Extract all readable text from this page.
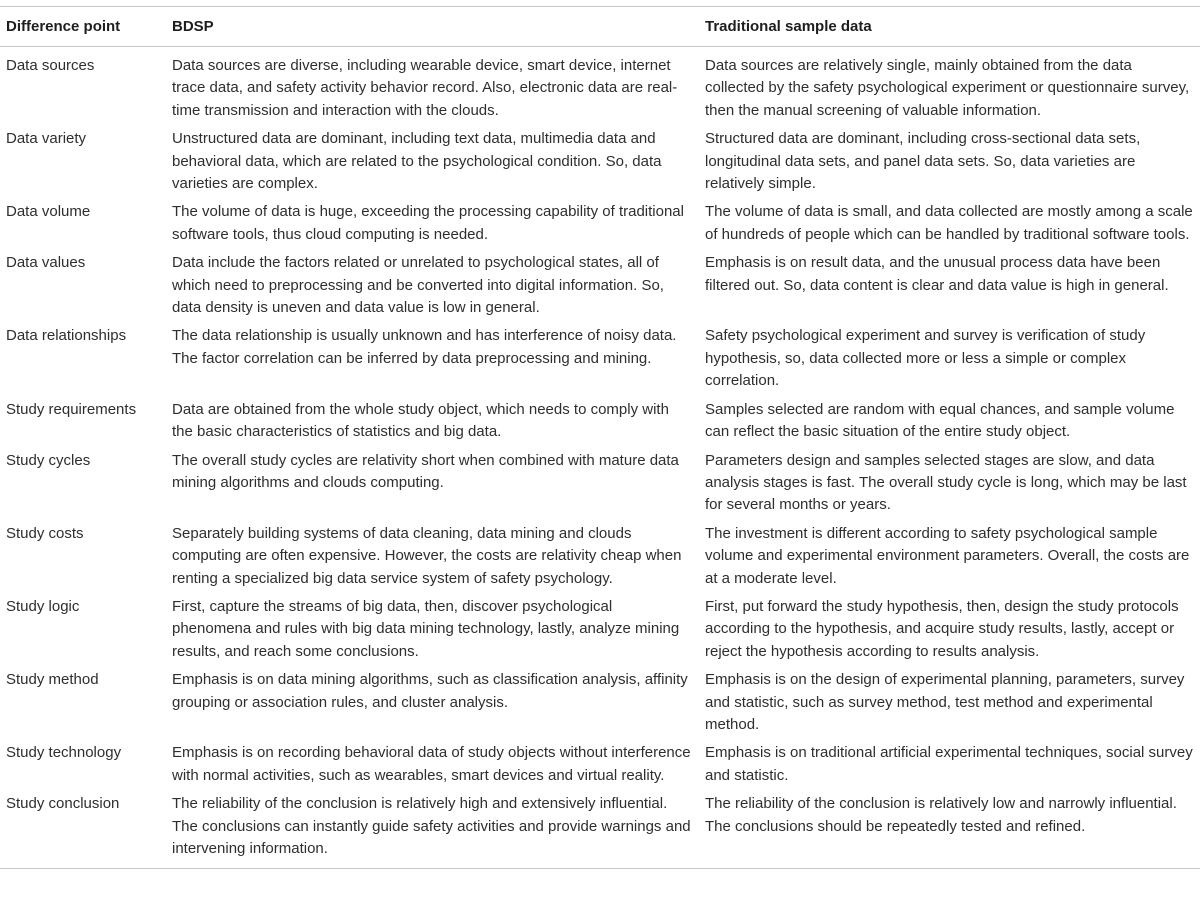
Difference point	BDSP	Traditional sample data
Data sources	Data sources are diverse, including wearable device, smart device, internet trace data, and safety activity behavior record. Also, electronic data are real-time transmission and interaction with the clouds.	Data sources are relatively single, mainly obtained from the data collected by the safety psychological experiment or questionnaire survey, then the manual screening of valuable information.
Data variety	Unstructured data are dominant, including text data, multimedia data and behavioral data, which are related to the psychological condition. So, data varieties are complex.	Structured data are dominant, including cross-sectional data sets, longitudinal data sets, and panel data sets. So, data varieties are relatively simple.
Data volume	The volume of data is huge, exceeding the processing capability of traditional software tools, thus cloud computing is needed.	The volume of data is small, and data collected are mostly among a scale of hundreds of people which can be handled by traditional software tools.
Data values	Data include the factors related or unrelated to psychological states, all of which need to preprocessing and be converted into digital information. So, data density is uneven and data value is low in general.	Emphasis is on result data, and the unusual process data have been filtered out. So, data content is clear and data value is high in general.
Data relationships	The data relationship is usually unknown and has interference of noisy data. The factor correlation can be inferred by data preprocessing and mining.	Safety psychological experiment and survey is verification of study hypothesis, so, data collected more or less a simple or complex correlation.
Study requirements	Data are obtained from the whole study object, which needs to comply with the basic characteristics of statistics and big data.	Samples selected are random with equal chances, and sample volume can reflect the basic situation of the entire study object.
Study cycles	The overall study cycles are relativity short when combined with mature data mining algorithms and clouds computing.	Parameters design and samples selected stages are slow, and data analysis stages is fast. The overall study cycle is long, which may be last for several months or years.
Study costs	Separately building systems of data cleaning, data mining and clouds computing are often expensive. However, the costs are relativity cheap when renting a specialized big data service system of safety psychology.	The investment is different according to safety psychological sample volume and experimental environment parameters. Overall, the costs are at a moderate level.
Study logic	First, capture the streams of big data, then, discover psychological phenomena and rules with big data mining technology, lastly, analyze mining results, and reach some conclusions.	First, put forward the study hypothesis, then, design the study protocols according to the hypothesis, and acquire study results, lastly, accept or reject the hypothesis according to results analysis.
Study method	Emphasis is on data mining algorithms, such as classification analysis, affinity grouping or association rules, and cluster analysis.	Emphasis is on the design of experimental planning, parameters, survey and statistic, such as survey method, test method and experimental method.
Study technology	Emphasis is on recording behavioral data of study objects without interference with normal activities, such as wearables, smart devices and virtual reality.	Emphasis is on traditional artificial experimental techniques, social survey and statistic.
Study conclusion	The reliability of the conclusion is relatively high and extensively influential. The conclusions can instantly guide safety activities and provide warnings and intervening information.	The reliability of the conclusion is relatively low and narrowly influential. The conclusions should be repeatedly tested and refined.
